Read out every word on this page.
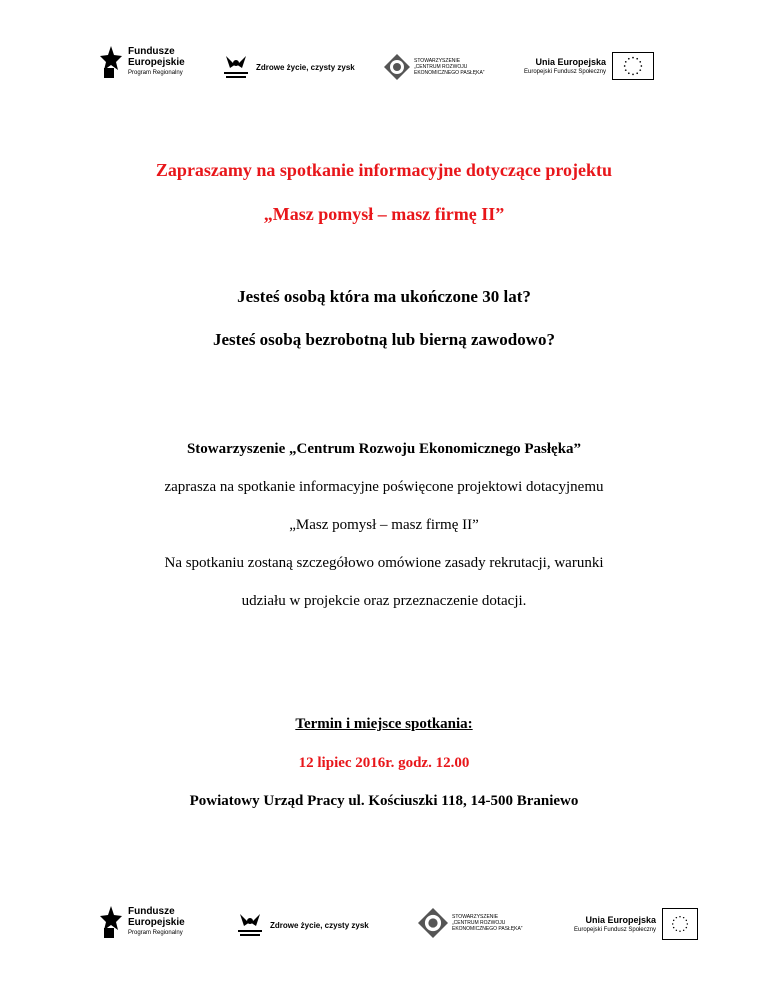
Fundusze
Europejskie
Program Regionalny
Zdrowe życie, czysty zysk
STOWARZYSZENIE
„CENTRUM ROZWOJU
EKONOMICZNEGO PASŁĘKA”
Unia Europejska
Europejski Fundusz Społeczny
Zapraszamy na spotkanie informacyjne dotyczące projektu
„Masz pomysł – masz firmę II”
Jesteś osobą która ma ukończone 30 lat?
Jesteś osobą bezrobotną lub bierną zawodowo?
Stowarzyszenie „Centrum Rozwoju Ekonomicznego Pasłęka”
zaprasza na spotkanie informacyjne poświęcone projektowi dotacyjnemu
„Masz pomysł – masz firmę II”
Na spotkaniu zostaną szczegółowo omówione zasady rekrutacji, warunki
udziału w projekcie oraz przeznaczenie dotacji.
Termin i miejsce spotkania:
12 lipiec 2016r. godz. 12.00
Powiatowy Urząd Pracy ul. Kościuszki 118, 14-500 Braniewo
Fundusze
Europejskie
Program Regionalny
Zdrowe życie, czysty zysk
STOWARZYSZENIE
„CENTRUM ROZWOJU
EKONOMICZNEGO PASŁĘKA”
Unia Europejska
Europejski Fundusz Społeczny
